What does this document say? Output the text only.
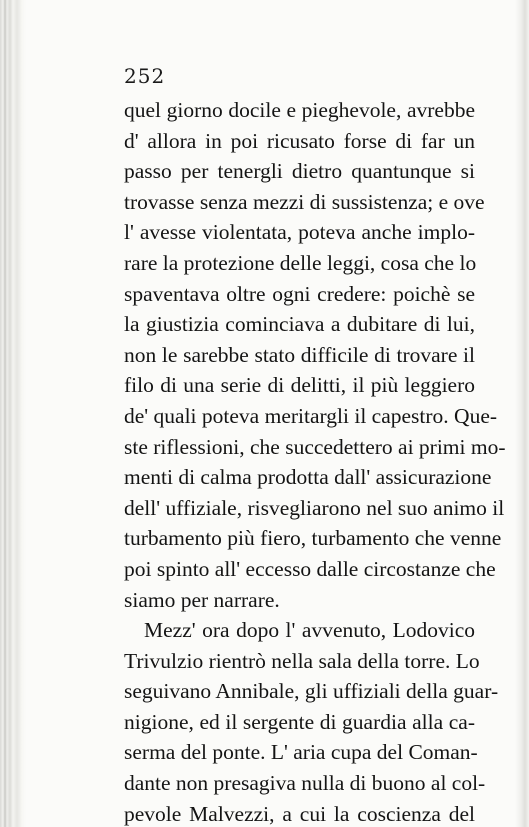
252
quel giorno docile e pieghevole, avrebbe
d' allora in poi ricusato forse di far un
passo per tenergli dietro quantunque si
trovasse senza mezzi di sussistenza; e ove
l' avesse violentata, poteva anche implo-
rare la protezione delle leggi, cosa che lo
spaventava oltre ogni credere: poichè se
la giustizia cominciava a dubitare di lui,
non le sarebbe stato difficile di trovare il
filo di una serie di delitti, il più leggiero
de' quali poteva meritargli il capestro. Que-
ste riflessioni, che succedettero ai primi mo-
menti di calma prodotta dall' assicurazione
dell' uffiziale, risvegliarono nel suo animo il
turbamento più fiero, turbamento che venne
poi spinto all' eccesso dalle circostanze che
siamo per narrare.
Mezz' ora dopo l' avvenuto, Lodovico
Trivulzio rientrò nella sala della torre. Lo
seguivano Annibale, gli uffiziali della guar-
nigione, ed il sergente di guardia alla ca-
serma del ponte. L' aria cupa del Coman-
dante non presagiva nulla di buono al col-
pevole Malvezzi, a cui la coscienza del
